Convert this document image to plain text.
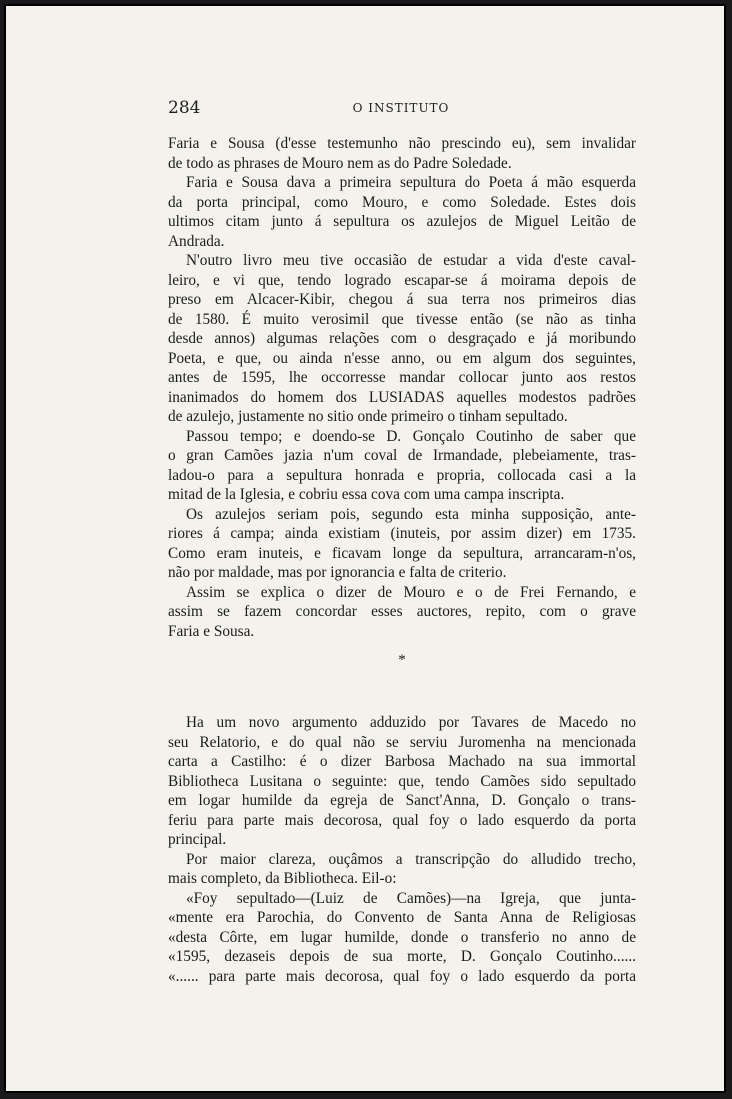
284	O INSTITUTO
Faria e Sousa (d'esse testemunho não prescindo eu), sem invalidar
de todo as phrases de Mouro nem as do Padre Soledade.
Faria e Sousa dava a primeira sepultura do Poeta á mão esquerda
da porta principal, como Mouro, e como Soledade. Estes dois
ultimos citam junto á sepultura os azulejos de Miguel Leitão de
Andrada.
N'outro livro meu tive occasião de estudar a vida d'este caval-
leiro, e vi que, tendo logrado escapar-se á moirama depois de
preso em Alcacer-Kibir, chegou á sua terra nos primeiros dias
de 1580. É muito verosimil que tivesse então (se não as tinha
desde annos) algumas relações com o desgraçado e já moribundo
Poeta, e que, ou ainda n'esse anno, ou em algum dos seguintes,
antes de 1595, lhe occorresse mandar collocar junto aos restos
inanimados do homem dos LUSIADAS aquelles modestos padrões
de azulejo, justamente no sitio onde primeiro o tinham sepultado.
Passou tempo; e doendo-se D. Gonçalo Coutinho de saber que
o gran Camões jazia n'um coval de Irmandade, plebeiamente, tras-
ladou-o para a sepultura honrada e propria, collocada casi a la
mitad de la Iglesia, e cobriu essa cova com uma campa inscripta.
Os azulejos seriam pois, segundo esta minha supposição, ante-
riores á campa; ainda existiam (inuteis, por assim dizer) em 1735.
Como eram inuteis, e ficavam longe da sepultura, arrancaram-n'os,
não por maldade, mas por ignorancia e falta de criterio.
Assim se explica o dizer de Mouro e o de Frei Fernando, e
assim se fazem concordar esses auctores, repito, com o grave
Faria e Sousa.
*
Ha um novo argumento adduzido por Tavares de Macedo no
seu Relatorio, e do qual não se serviu Juromenha na mencionada
carta a Castilho: é o dizer Barbosa Machado na sua immortal
Bibliotheca Lusitana o seguinte: que, tendo Camões sido sepultado
em logar humilde da egreja de Sanct'Anna, D. Gonçalo o trans-
feriu para parte mais decorosa, qual foy o lado esquerdo da porta
principal.
Por maior clareza, ouçâmos a transcripção do alludido trecho,
mais completo, da Bibliotheca. Eil-o:
«Foy sepultado—(Luiz de Camões)—na Igreja, que junta-
«mente era Parochia, do Convento de Santa Anna de Religiosas
«desta Côrte, em lugar humilde, donde o transferio no anno de
«1595, dezaseis depois de sua morte, D. Gonçalo Coutinho......
«...... para parte mais decorosa, qual foy o lado esquerdo da porta
